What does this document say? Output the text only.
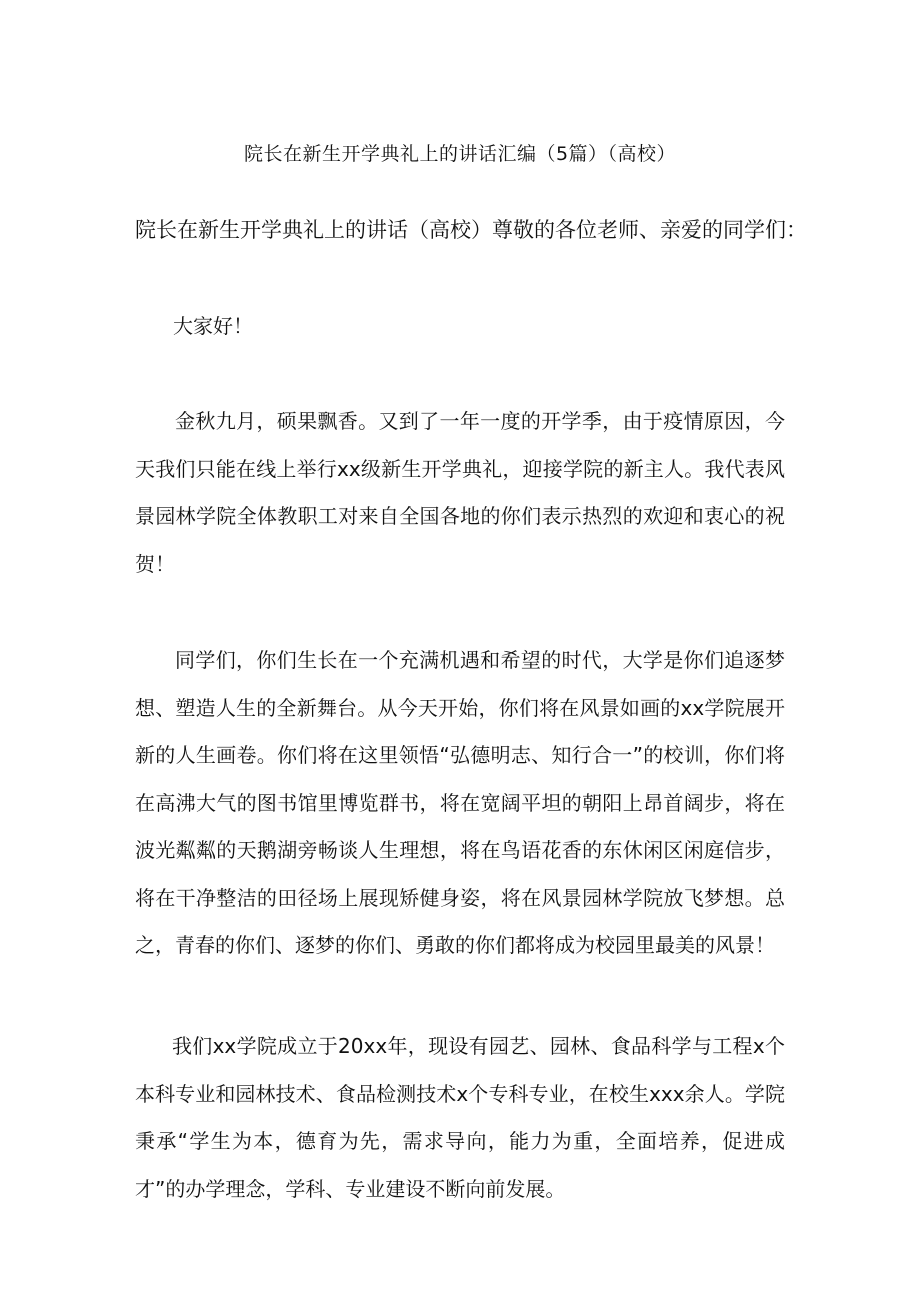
院长在新生开学典礼上的讲话汇编（5篇）（高校）
院长在新生开学典礼上的讲话（高校）尊敬的各位老师、亲爱的同学们：
大家好！
金秋九月，硕果飘香。又到了一年一度的开学季，由于疫情原因，今天我们只能在线上举行xx级新生开学典礼，迎接学院的新主人。我代表风景园林学院全体教职工对来自全国各地的你们表示热烈的欢迎和衷心的祝贺！
同学们，你们生长在一个充满机遇和希望的时代，大学是你们追逐梦想、塑造人生的全新舞台。从今天开始，你们将在风景如画的xx学院展开新的人生画卷。你们将在这里领悟“弘德明志、知行合一”的校训，你们将在高沸大气的图书馆里博览群书，将在宽阔平坦的朝阳上昂首阔步，将在波光粼粼的天鹅湖旁畅谈人生理想，将在鸟语花香的东休闲区闲庭信步，将在干净整洁的田径场上展现矫健身姿，将在风景园林学院放飞梦想。总之，青春的你们、逐梦的你们、勇敢的你们都将成为校园里最美的风景！
我们xx学院成立于20xx年，现设有园艺、园林、食品科学与工程x个本科专业和园林技术、食品检测技术x个专科专业，在校生xxx余人。学院秉承“学生为本，德育为先，需求导向，能力为重，全面培养，促进成才”的办学理念，学科、专业建设不断向前发展。
